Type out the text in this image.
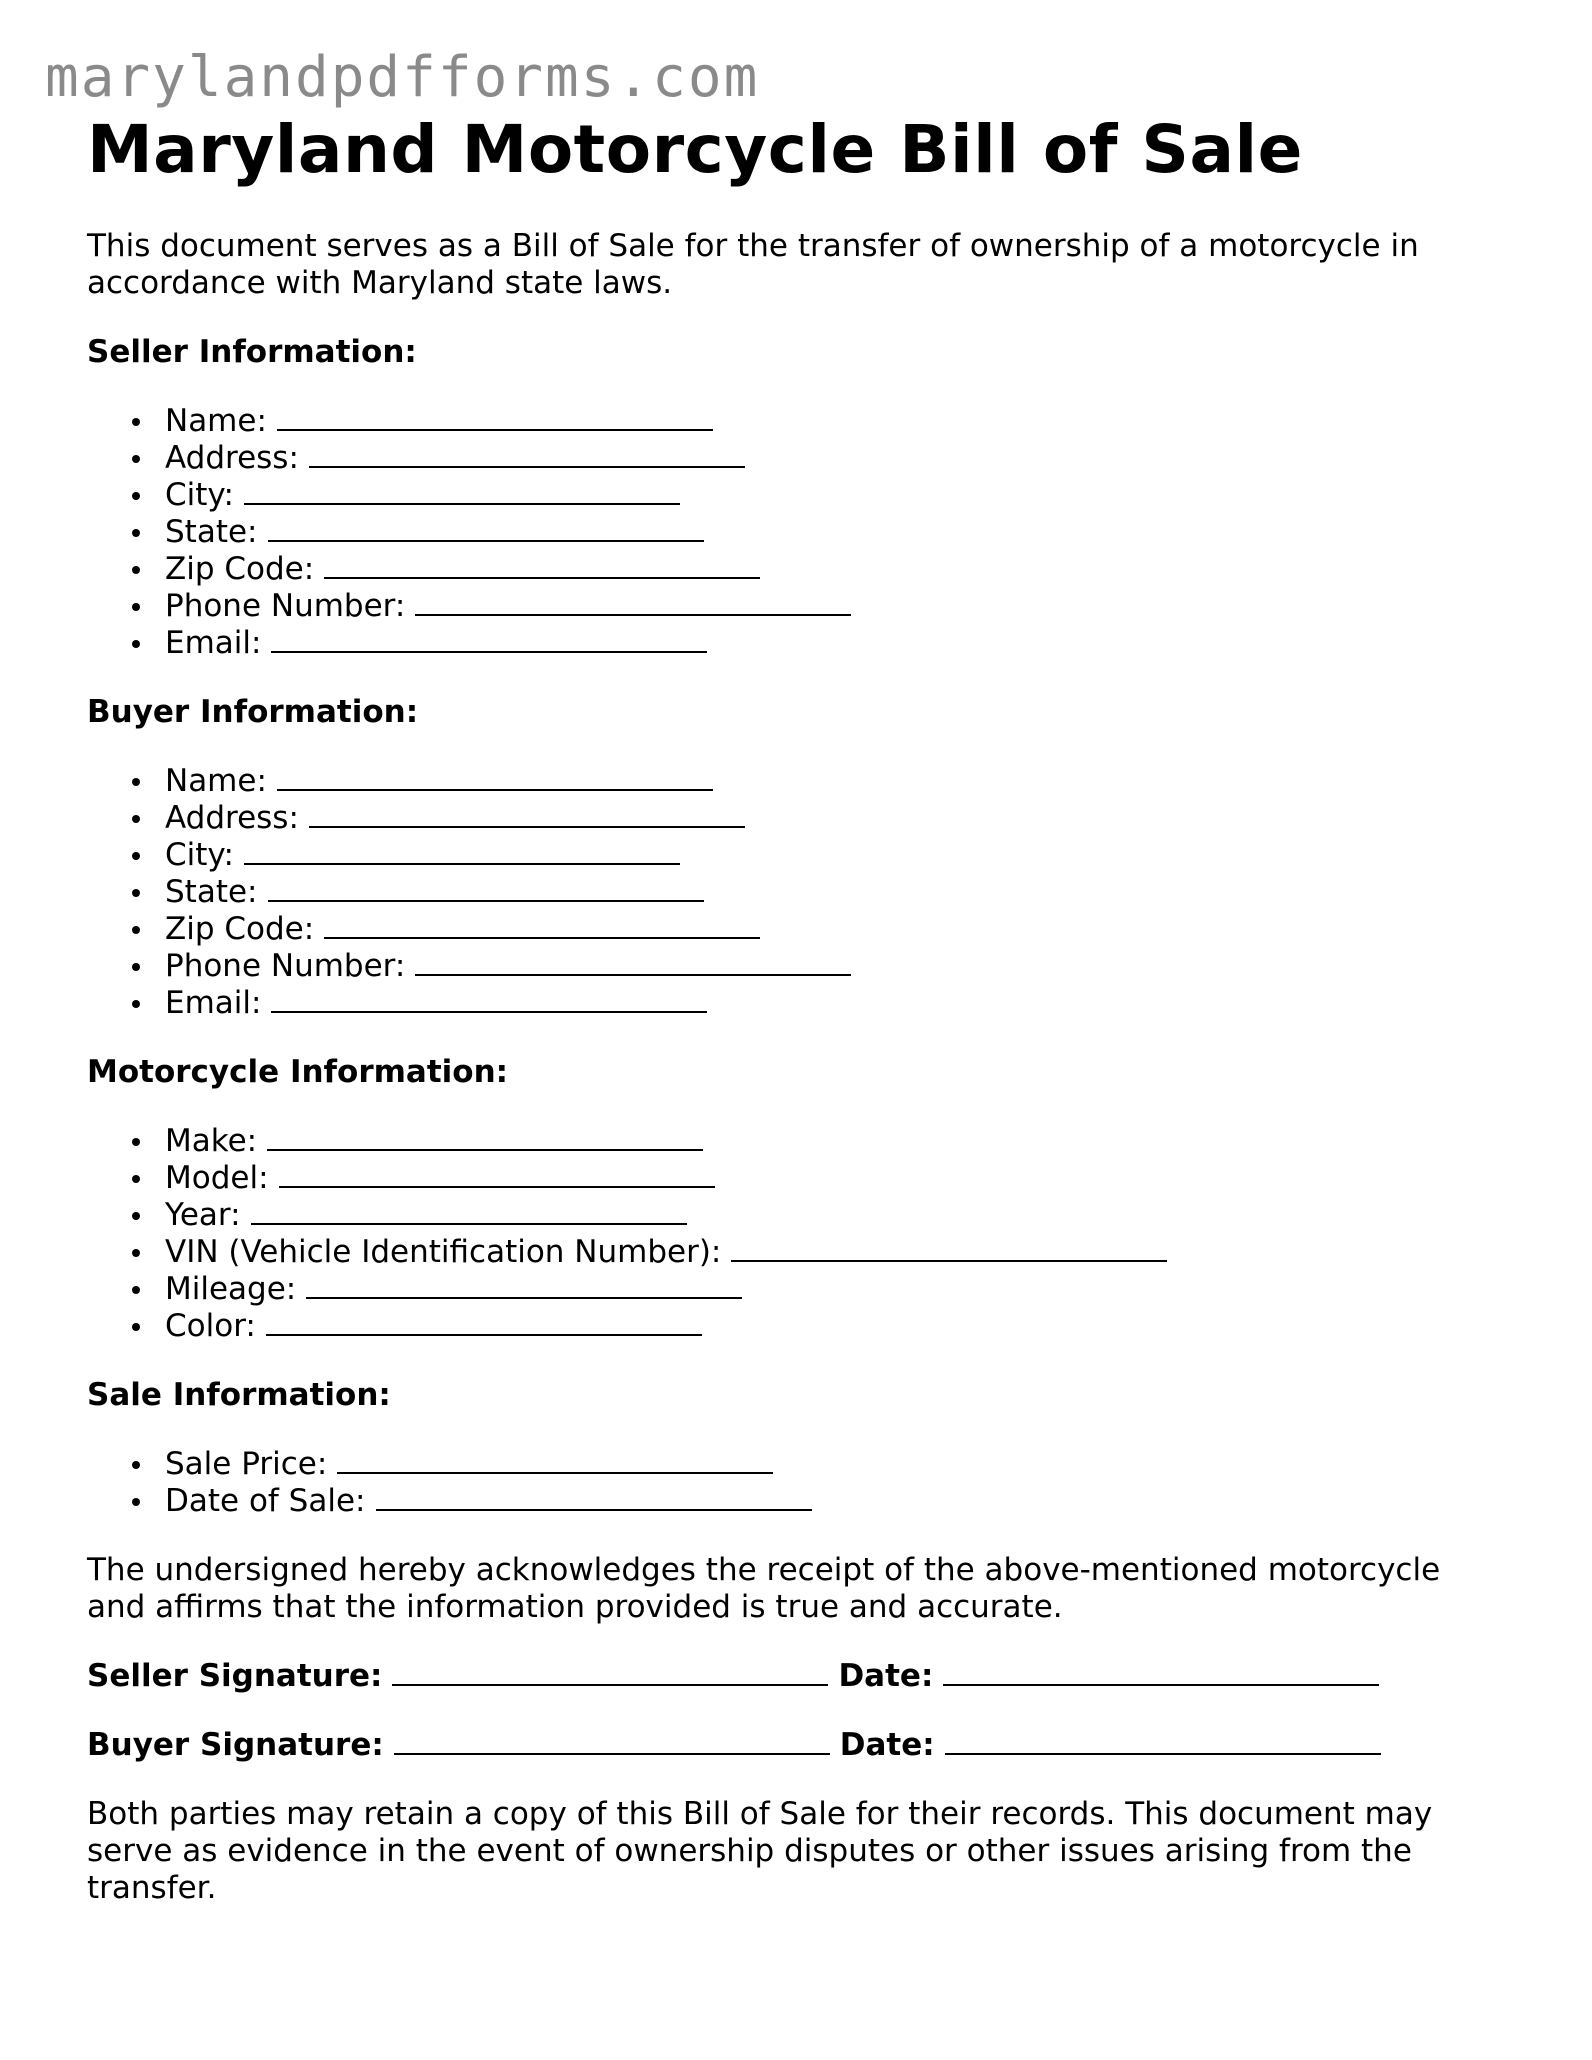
marylandpdfforms.com
Maryland Motorcycle Bill of Sale

This document serves as a Bill of Sale for the transfer of ownership of a motorcycle in accordance with Maryland state laws.

Seller Information:
Name:
Address:
City:
State:
Zip Code:
Phone Number:
Email:
Buyer Information:
Name:
Address:
City:
State:
Zip Code:
Phone Number:
Email:
Motorcycle Information:
Make:
Model:
Year:
VIN (Vehicle Identification Number):
Mileage:
Color:
Sale Information:
Sale Price:
Date of Sale:

The undersigned hereby acknowledges the receipt of the above-mentioned motorcycle and affirms that the information provided is true and accurate.

Seller Signature:	Date:
Buyer Signature:	Date:

Both parties may retain a copy of this Bill of Sale for their records. This document may serve as evidence in the event of ownership disputes or other issues arising from the transfer.
